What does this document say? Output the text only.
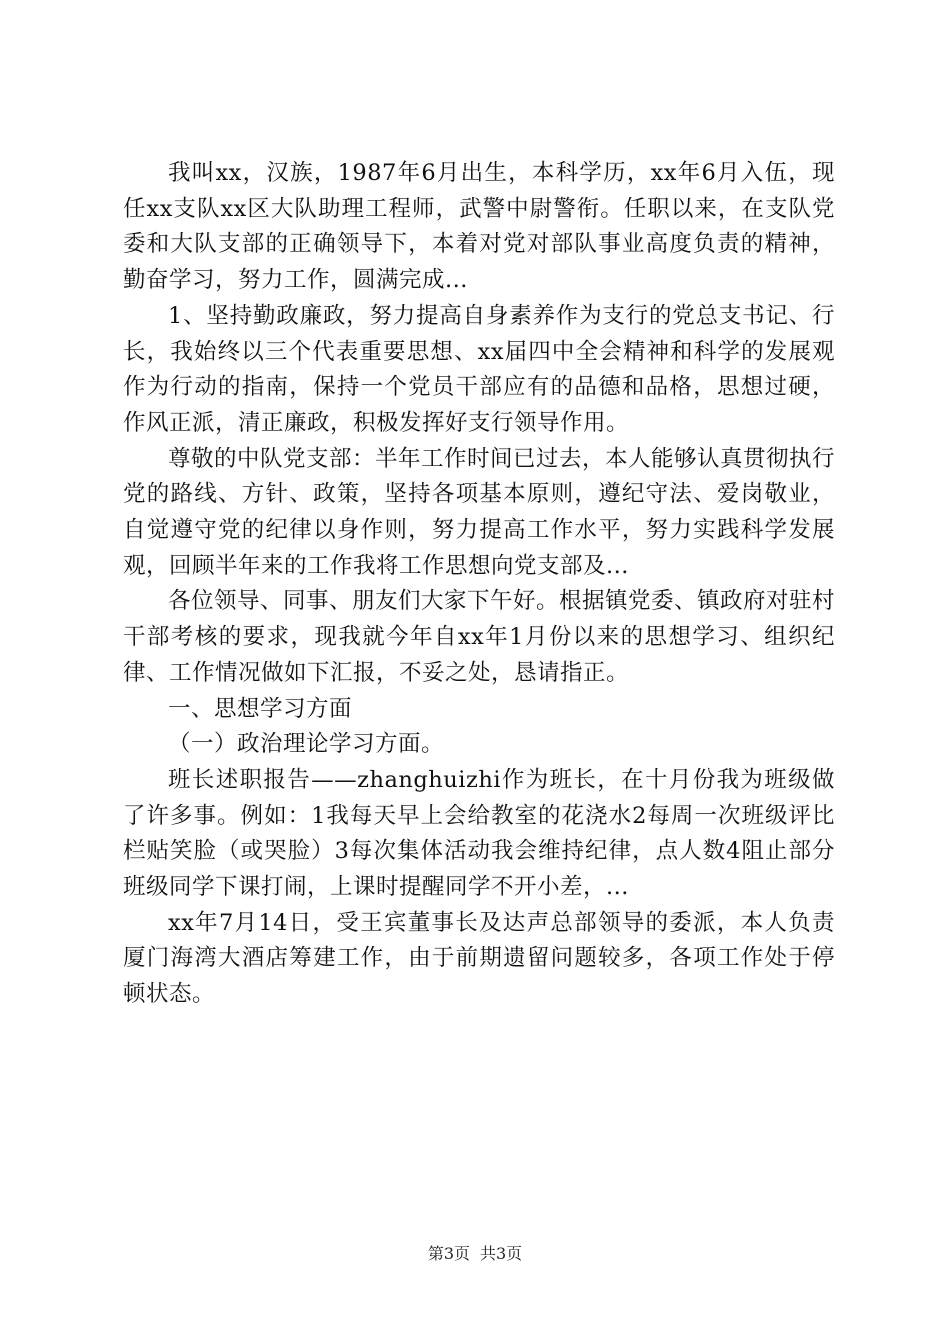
我叫xx，汉族，1987年6月出生，本科学历，xx年6月入伍，现任xx支队xx区大队助理工程师，武警中尉警衔。任职以来，在支队党委和大队支部的正确领导下，本着对党对部队事业高度负责的精神，勤奋学习，努力工作，圆满完成...

1、坚持勤政廉政，努力提高自身素养作为支行的党总支书记、行长，我始终以三个代表重要思想、xx届四中全会精神和科学的发展观作为行动的指南，保持一个党员干部应有的品德和品格，思想过硬，作风正派，清正廉政，积极发挥好支行领导作用。

尊敬的中队党支部：半年工作时间已过去，本人能够认真贯彻执行党的路线、方针、政策，坚持各项基本原则，遵纪守法、爱岗敬业，自觉遵守党的纪律以身作则，努力提高工作水平，努力实践科学发展观，回顾半年来的工作我将工作思想向党支部及...

各位领导、同事、朋友们大家下午好。根据镇党委、镇政府对驻村干部考核的要求，现我就今年自xx年1月份以来的思想学习、组织纪律、工作情况做如下汇报，不妥之处，恳请指正。

一、思想学习方面

（一）政治理论学习方面。

班长述职报告——zhanghuizhi作为班长，在十月份我为班级做了许多事。例如：1我每天早上会给教室的花浇水2每周一次班级评比栏贴笑脸（或哭脸）3每次集体活动我会维持纪律，点人数4阻止部分班级同学下课打闹，上课时提醒同学不开小差，...

xx年7月14日，受王宾董事长及达声总部领导的委派，本人负责厦门海湾大酒店筹建工作，由于前期遗留问题较多，各项工作处于停顿状态。

第3页 共3页
